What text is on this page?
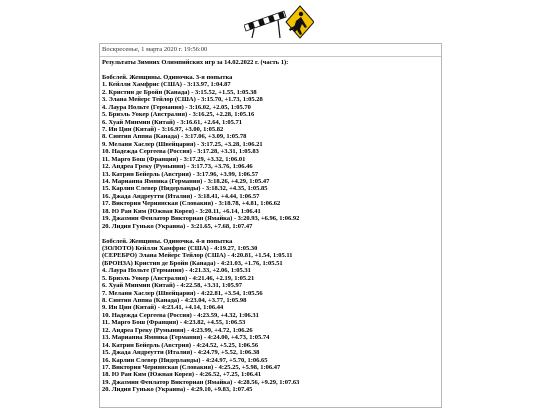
Воскресенье, 1 марта 2020 г. 19:56:00
Результаты Зимних Олимпийских игр за 14.02.2022 г. (часть 1):
Бобслей. Женщины. Одиночка. 3-я попытка
1. Кейлли Хамфрис (США) - 3:13.97, 1:04.87
2. Кристин де Бройн (Канада) - 3:15.52, +1.55, 1:05.38
3. Элана Мейерс Тейлор (США) - 3:15.70, +1.73, 1:05.28
4. Лаура Нольте (Германия) - 3:16.02, +2.05, 1:05.70
5. Бриэль Уокер (Австралия) - 3:16.25, +2.28, 1:05.16
6. Хуай Минмин (Китай) - 3:16.61, +2.64, 1:05.71
7. Ин Цин (Китай) - 3:16.97, +3.00, 1:05.82
8. Синтия Аппиа (Канада) - 3:17.06, +3.09, 1:05.78
9. Мелани Хаслер (Швейцария) - 3:17.25, +3.28, 1:06.21
10. Надежда Сергеева (Россия) - 3:17.28, +3.31, 1:05.83
11. Марго Бош (Франция) - 3:17.29, +3.32, 1:06.01
12. Андреа Греку (Румыния) - 3:17.73, +3.76, 1:06.46
13. Катрин Бейерль (Австрия) - 3:17.96, +3.99, 1:06.57
14. Марианна Ямника (Германия) - 3:18.26, +4.29, 1:05.47
15. Карлин Слевер (Нидерланды) - 3:18.32, +4.35, 1:05.85
16. Джада Андреутти (Италия) - 3:18.41, +4.44, 1:06.57
17. Виктория Чериянская (Словакия) - 3:18.78, +4.81, 1:06.62
18. Ю Ран Ким (Южная Корея) - 3:20.11, +6.14, 1:06.41
19. Джазмин Фенлатор Викториан (Ямайка) - 3:20.93, +6.96, 1:06.92
20. Лидия Гунько (Украина) - 3:21.65, +7.68, 1:07.47
Бобслей. Женщины. Одиночка. 4-я попытка
(ЗОЛОТО) Кейлли Хамфрис (США) - 4:19.27, 1:05.30
(СЕРЕБРО) Элана Мейерс Тейлор (США) - 4:20.81, +1.54, 1:05.11
(БРОНЗА) Кристин де Бройн (Канада) - 4:21.03, +1.76, 1:05.51
4. Лаура Нольте (Германия) - 4:21.33, +2.06, 1:05.31
5. Бриэль Уокер (Австралия) - 4:21.46, +2.19, 1:05.21
6. Хуай Минмин (Китай) - 4:22.58, +3.31, 1:05.97
7. Мелани Хаслер (Швейцария) - 4:22.81, +3.54, 1:05.56
8. Синтия Аппиа (Канада) - 4:23.04, +3.77, 1:05.98
9. Ин Цин (Китай) - 4:23.41, +4.14, 1:06.44
10. Надежда Сергеева (Россия) - 4:23.59, +4.32, 1:06.31
11. Марго Бош (Франция) - 4:23.82, +4.55, 1:06.53
12. Андреа Греку (Румыния) - 4:23.99, +4.72, 1:06.26
13. Марианна Ямника (Германия) - 4:24.00, +4.73, 1:05.74
14. Катрин Бейерль (Австрия) - 4:24.52, +5.25, 1:06.56
15. Джада Андреутти (Италия) - 4:24.79, +5.52, 1:06.38
16. Карлин Слевер (Нидерланды) - 4:24.97, +5.70, 1:06.65
17. Виктория Чериянская (Словакия) - 4:25.25, +5.98, 1:06.47
18. Ю Ран Ким (Южная Корея) - 4:26.52, +7.25, 1:06.41
19. Джазмин Фенлатор Викториан (Ямайка) - 4:28.56, +9.29, 1:07.63
20. Лидия Гунько (Украина) - 4:29.10, +9.83, 1:07.45
